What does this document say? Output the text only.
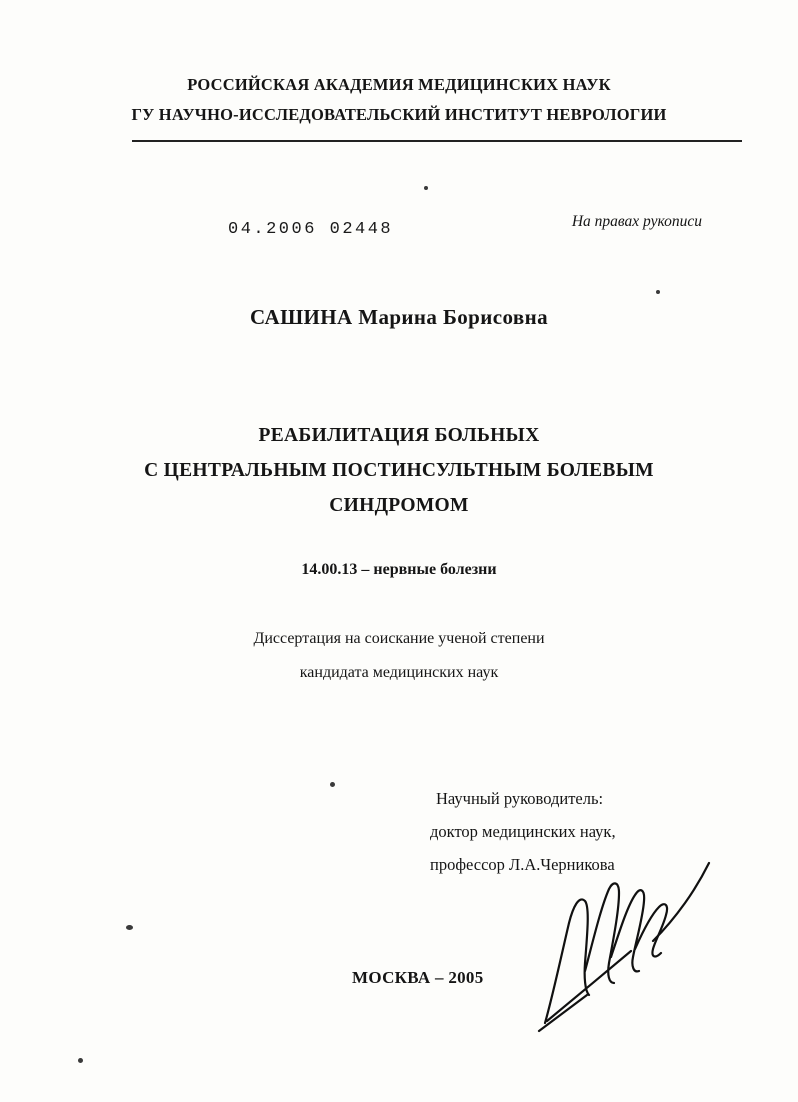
РОССИЙСКАЯ АКАДЕМИЯ МЕДИЦИНСКИХ НАУК
ГУ НАУЧНО-ИССЛЕДОВАТЕЛЬСКИЙ ИНСТИТУТ НЕВРОЛОГИИ
На правах рукописи
04.2006 02448
САШИНА Марина Борисовна
РЕАБИЛИТАЦИЯ БОЛЬНЫХ
С ЦЕНТРАЛЬНЫМ ПОСТИНСУЛЬТНЫМ БОЛЕВЫМ
СИНДРОМОМ
14.00.13 – нервные болезни
Диссертация на соискание ученой степени
кандидата медицинских наук
Научный руководитель:
доктор медицинских наук,
профессор Л.А.Черникова
МОСКВА – 2005
